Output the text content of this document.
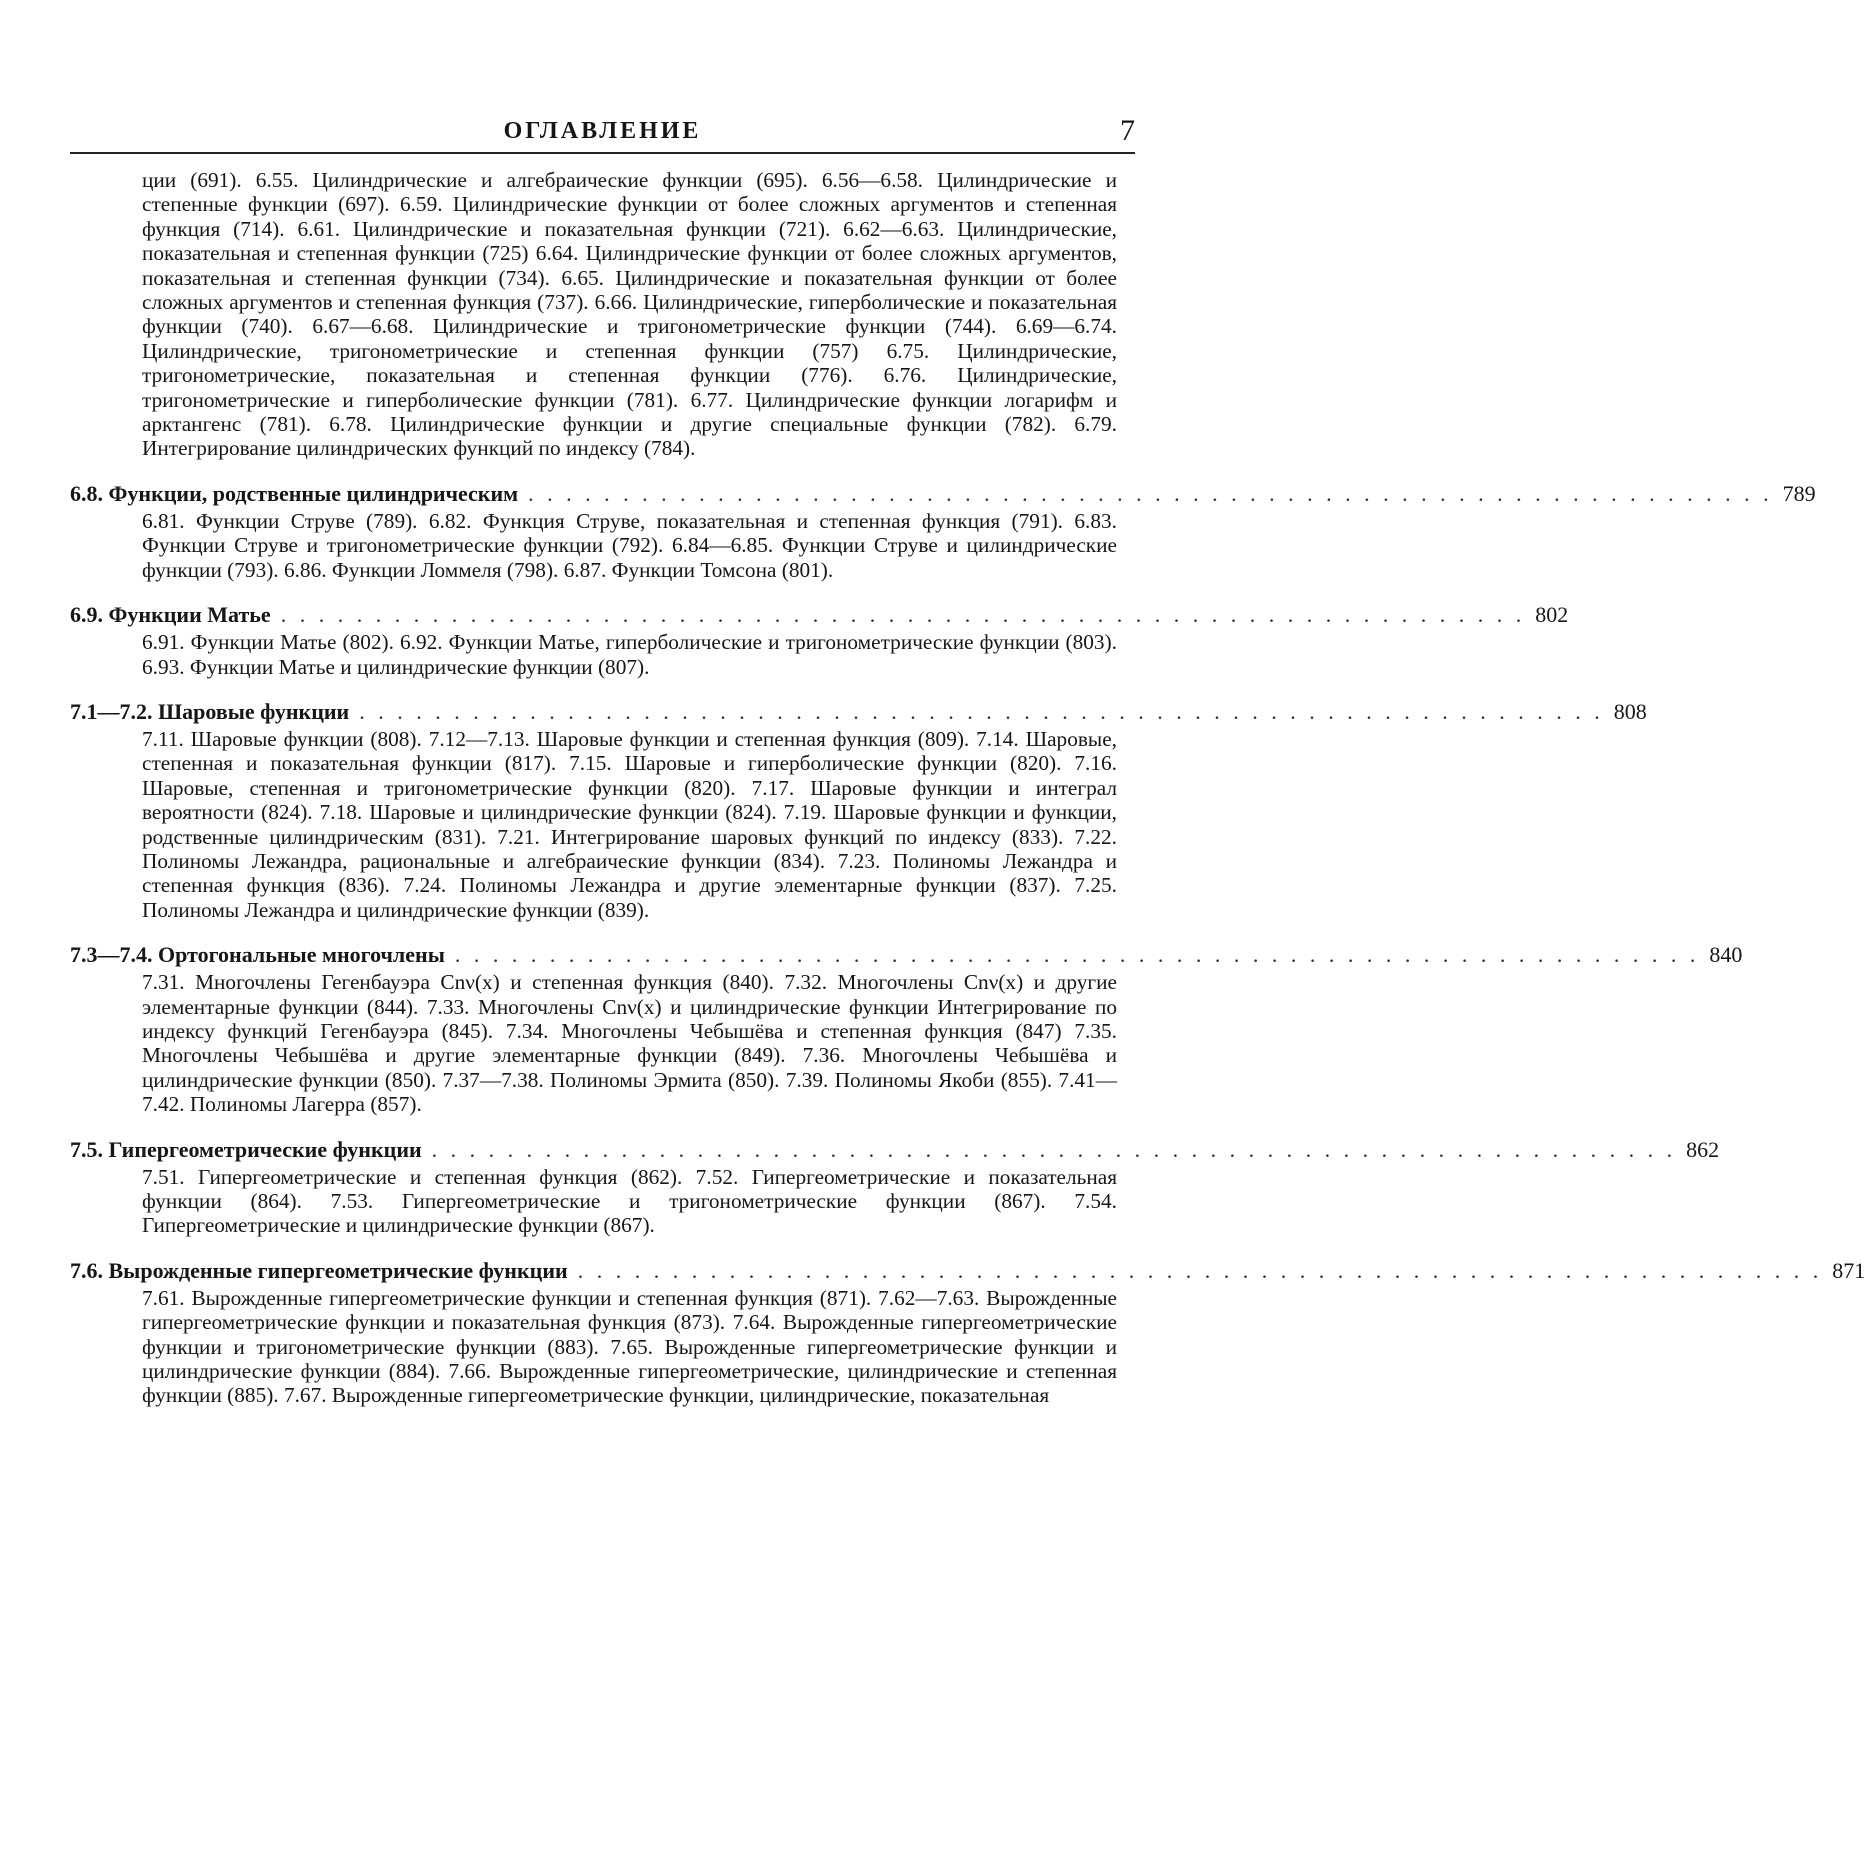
ОГЛАВЛЕНИЕ	7
ции (691). 6.55. Цилиндрические и алгебраические функции (695). 6.56—6.58. Цилиндрические и степенные функции (697). 6.59. Цилиндрические функции от более сложных аргументов и степенная функция (714). 6.61. Цилиндрические и показательная функции (721). 6.62—6.63. Цилиндрические, показательная и степенная функции (725) 6.64. Цилиндрические функции от более сложных аргументов, показательная и степенная функции (734). 6.65. Цилиндрические и показательная функции от более сложных аргументов и степенная функция (737). 6.66. Цилиндрические, гиперболические и показательная функции (740). 6.67—6.68. Цилиндрические и тригонометрические функции (744). 6.69—6.74. Цилиндрические, тригонометрические и степенная функции (757) 6.75. Цилиндрические, тригонометрические, показательная и степенная функции (776). 6.76. Цилиндрические, тригонометрические и гиперболические функции (781). 6.77. Цилиндрические функции логарифм и арктангенс (781). 6.78. Цилиндрические функции и другие специальные функции (782). 6.79. Интегрирование цилиндрических функций по индексу (784).
6.8. Функции, родственные цилиндрическим . . . . . . . . . . . . . . . . . . . . . . . . . . . . . . . . . . . . . . . . . . . . . . . . . . . . . . . . . . . . . . . . . . 789
6.81. Функции Струве (789). 6.82. Функция Струве, показательная и степенная функция (791). 6.83. Функции Струве и тригонометрические функции (792). 6.84—6.85. Функции Струве и цилиндрические функции (793). 6.86. Функции Ломмеля (798). 6.87. Функции Томсона (801).
6.9. Функции Матье . . . . . . . . . . . . . . . . . . . . . . . . . . . . . . . . . . . . . . . . . . . . . . . . . . . . . . . . . . . . . . . . . . 802
6.91. Функции Матье (802). 6.92. Функции Матье, гиперболические и тригонометрические функции (803). 6.93. Функции Матье и цилиндрические функции (807).
7.1—7.2. Шаровые функции . . . . . . . . . . . . . . . . . . . . . . . . . . . . . . . . . . . . . . . . . . . . . . . . . . . . . . . . . . . . . . . . . . 808
7.11. Шаровые функции (808). 7.12—7.13. Шаровые функции и степенная функция (809). 7.14. Шаровые, степенная и показательная функции (817). 7.15. Шаровые и гиперболические функции (820). 7.16. Шаровые, степенная и тригонометрические функции (820). 7.17. Шаровые функции и интеграл вероятности (824). 7.18. Шаровые и цилиндрические функции (824). 7.19. Шаровые функции и функции, родственные цилиндрическим (831). 7.21. Интегрирование шаровых функций по индексу (833). 7.22. Полиномы Лежандра, рациональные и алгебраические функции (834). 7.23. Полиномы Лежандра и степенная функция (836). 7.24. Полиномы Лежандра и другие элементарные функции (837). 7.25. Полиномы Лежандра и цилиндрические функции (839).
7.3—7.4. Ортогональные многочлены . . . . . . . . . . . . . . . . . . . . . . . . . . . . . . . . . . . . . . . . . . . . . . . . . . . . . . . . . . . . . . . . . . 840
7.31. Многочлены Гегенбауэра Cnν(x) и степенная функция (840). 7.32. Многочлены Cnν(x) и другие элементарные функции (844). 7.33. Многочлены Cnν(x) и цилиндрические функции Интегрирование по индексу функций Гегенбауэра (845). 7.34. Многочлены Чебышёва и степенная функция (847) 7.35. Многочлены Чебышёва и другие элементарные функции (849). 7.36. Многочлены Чебышёва и цилиндрические функции (850). 7.37—7.38. Полиномы Эрмита (850). 7.39. Полиномы Якоби (855). 7.41—7.42. Полиномы Лагерра (857).
7.5. Гипергеометрические функции . . . . . . . . . . . . . . . . . . . . . . . . . . . . . . . . . . . . . . . . . . . . . . . . . . . . . . . . . . . . . . . . . . 862
7.51. Гипергеометрические и степенная функция (862). 7.52. Гипергеометрические и показательная функции (864). 7.53. Гипергеометрические и тригонометрические функции (867). 7.54. Гипергеометрические и цилиндрические функции (867).
7.6. Вырожденные гипергеометрические функции . . . . . . . . . . . . . . . . . . . . . . . . . . . . . . . . . . . . . . . . . . . . . . . . . . . . . . . . . . . . . . . . . . 871
7.61. Вырожденные гипергеометрические функции и степенная функция (871). 7.62—7.63. Вырожденные гипергеометрические функции и показательная функция (873). 7.64. Вырожденные гипергеометрические функции и тригонометрические функции (883). 7.65. Вырожденные гипергеометрические функции и цилиндрические функции (884). 7.66. Вырожденные гипергеометрические, цилиндрические и степенная функции (885). 7.67. Вырожденные гипергеометрические функции, цилиндрические, показательная
